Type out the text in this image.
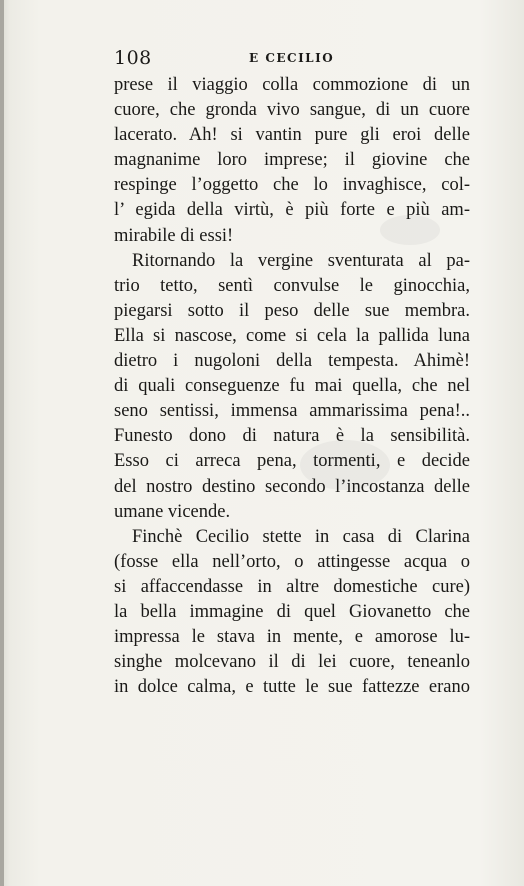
108	E CECILIO
prese il viaggio colla commozione di un
cuore, che gronda vivo sangue, di un cuore
lacerato. Ah! si vantin pure gli eroi delle
magnanime loro imprese; il giovine che
respinge l’oggetto che lo invaghisce, col-
l’ egida della virtù, è più forte e più am-
mirabile di essi!
Ritornando la vergine sventurata al pa-
trio tetto, sentì convulse le ginocchia,
piegarsi sotto il peso delle sue membra.
Ella si nascose, come si cela la pallida luna
dietro i nugoloni della tempesta. Ahimè!
di quali conseguenze fu mai quella, che nel
seno sentissi, immensa ammarissima pena!..
Funesto dono di natura è la sensibilità.
Esso ci arreca pena, tormenti, e decide
del nostro destino secondo l’incostanza delle
umane vicende.
Finchè Cecilio stette in casa di Clarina
(fosse ella nell’orto, o attingesse acqua o
si affaccendasse in altre domestiche cure)
la bella immagine di quel Giovanetto che
impressa le stava in mente, e amorose lu-
singhe molcevano il di lei cuore, teneanlo
in dolce calma, e tutte le sue fattezze erano
